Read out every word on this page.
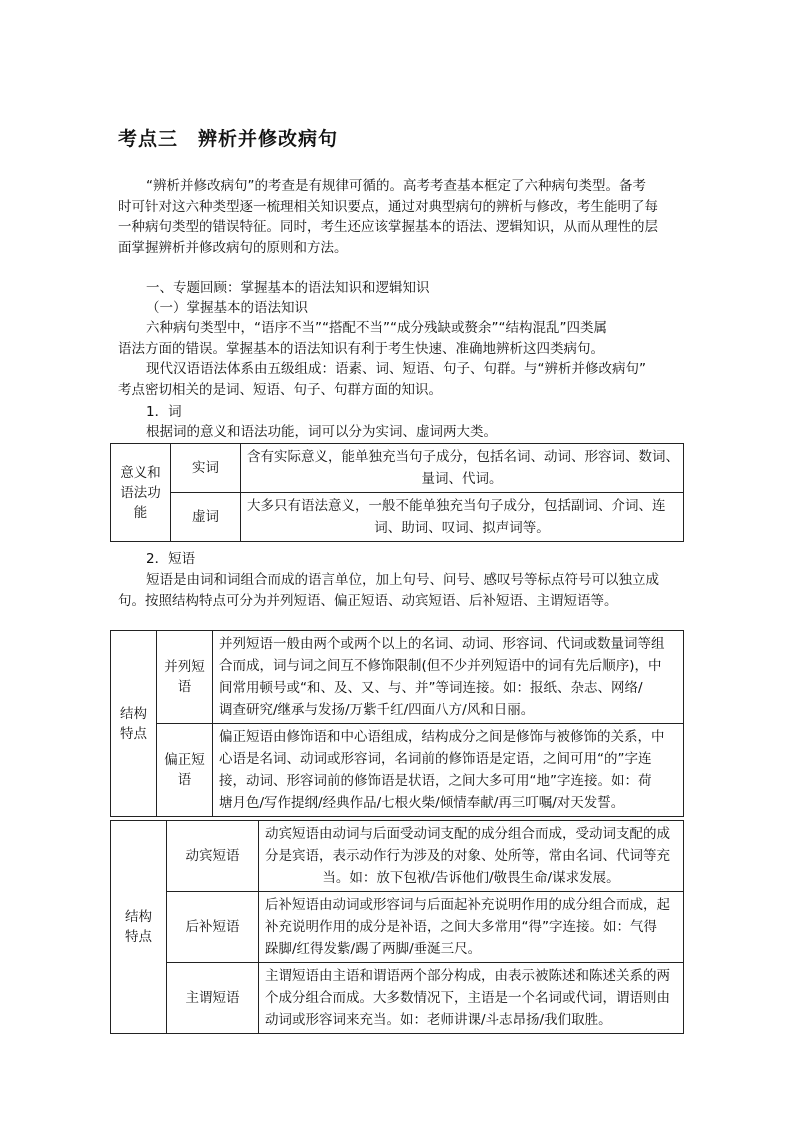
考点三　辨析并修改病句
“辨析并修改病句”的考查是有规律可循的。高考考查基本框定了六种病句类型。备考
时可针对这六种类型逐一梳理相关知识要点，通过对典型病句的辨析与修改，考生能明了每
一种病句类型的错误特征。同时，考生还应该掌握基本的语法、逻辑知识，从而从理性的层
面掌握辨析并修改病句的原则和方法。
一、专题回顾：掌握基本的语法知识和逻辑知识
（一）掌握基本的语法知识
六种病句类型中，“语序不当”“搭配不当”“成分残缺或赘余”“结构混乱”四类属
语法方面的错误。掌握基本的语法知识有利于考生快速、准确地辨析这四类病句。
现代汉语语法体系由五级组成：语素、词、短语、句子、句群。与“辨析并修改病句”
考点密切相关的是词、短语、句子、句群方面的知识。
1．词
根据词的意义和语法功能，词可以分为实词、虚词两大类。
意义和
语法功
能	实词	含有实际意义，能单独充当句子成分，包括名词、动词、形容词、数词、
量词、代词。

	虚词	大多只有语法意义，一般不能单独充当句子成分，包括副词、介词、连
词、助词、叹词、拟声词等。
2．短语
短语是由词和词组合而成的语言单位，加上句号、问号、感叹号等标点符号可以独立成
句。按照结构特点可分为并列短语、偏正短语、动宾短语、后补短语、主谓短语等。
结构
特点	并列短
语	并列短语一般由两个或两个以上的名词、动词、形容词、代词或数量词等组
合而成，词与词之间互不修饰限制(但不少并列短语中的词有先后顺序)，中
间常用顿号或“和、及、又、与、并”等词连接。如：报纸、杂志、网络/
调查研究/继承与发扬/万紫千红/四面八方/风和日丽。

	偏正短
语	偏正短语由修饰语和中心语组成，结构成分之间是修饰与被修饰的关系，中
心语是名词、动词或形容词，名词前的修饰语是定语，之间可用“的”字连
接，动词、形容词前的修饰语是状语，之间大多可用“地”字连接。如：荷
塘月色/写作提纲/经典作品/七根火柴/倾情奉献/再三叮嘱/对天发誓。
结构
特点	动宾短语	动宾短语由动词与后面受动词支配的成分组合而成，受动词支配的成
分是宾语，表示动作行为涉及的对象、处所等，常由名词、代词等充
当。如：放下包袱/告诉他们/敬畏生命/谋求发展。

	后补短语	后补短语由动词或形容词与后面起补充说明作用的成分组合而成，起
补充说明作用的成分是补语，之间大多常用“得”字连接。如：气得
跺脚/红得发紫/踢了两脚/垂涎三尺。

	主谓短语	主谓短语由主语和谓语两个部分构成，由表示被陈述和陈述关系的两
个成分组合而成。大多数情况下，主语是一个名词或代词，谓语则由
动词或形容词来充当。如：老师讲课/斗志昂扬/我们取胜。
